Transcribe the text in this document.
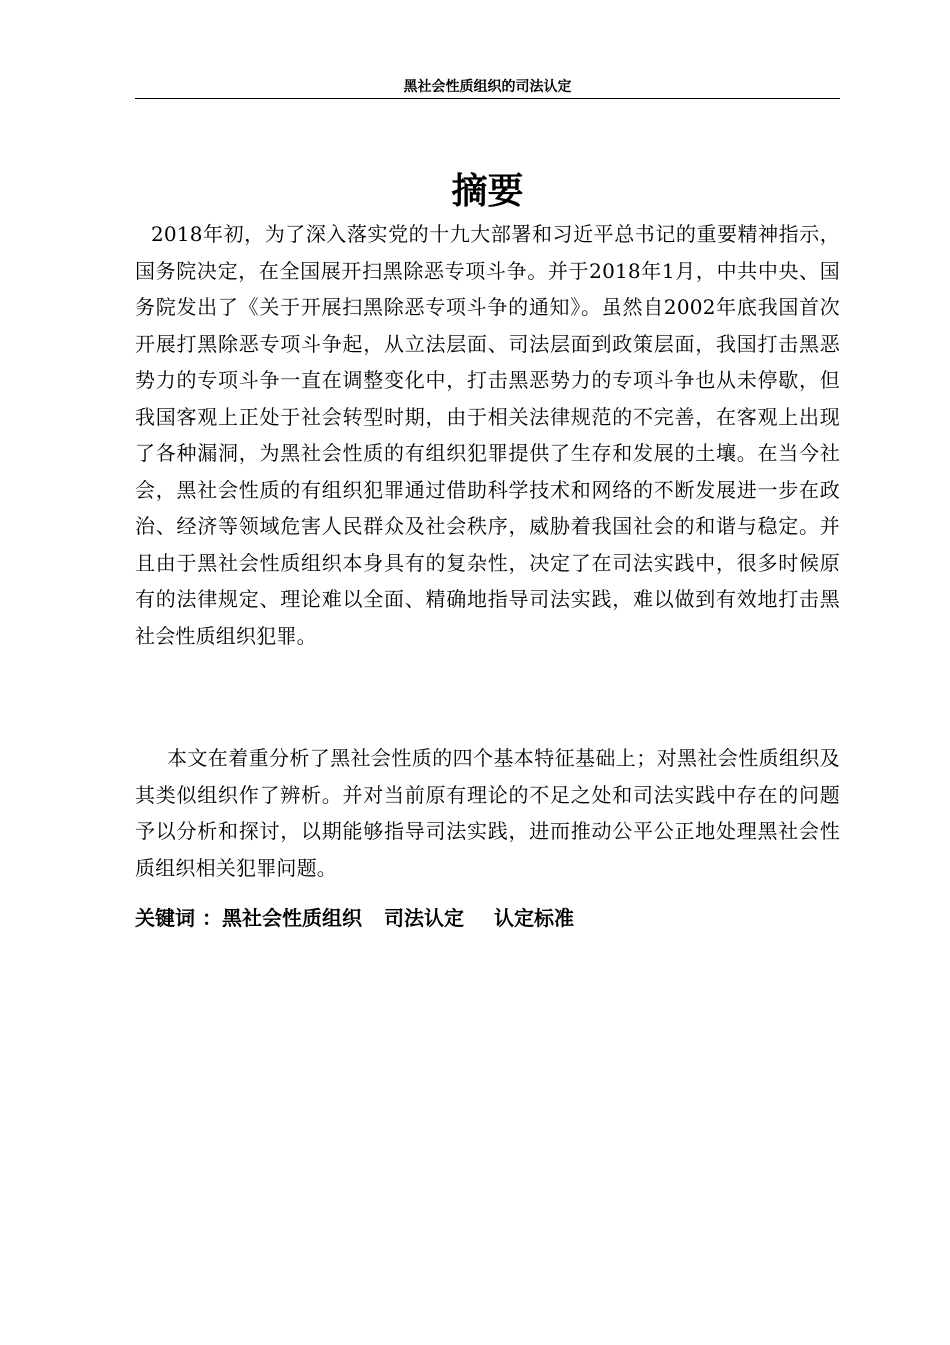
黑社会性质组织的司法认定
摘要
2018年初，为了深入落实党的十九大部署和习近平总书记的重要精神指示，国务院决定，在全国展开扫黑除恶专项斗争。并于2018年1月，中共中央、国务院发出了《关于开展扫黑除恶专项斗争的通知》。虽然自2002年底我国首次开展打黑除恶专项斗争起，从立法层面、司法层面到政策层面，我国打击黑恶势力的专项斗争一直在调整变化中，打击黑恶势力的专项斗争也从未停歇，但我国客观上正处于社会转型时期，由于相关法律规范的不完善，在客观上出现了各种漏洞，为黑社会性质的有组织犯罪提供了生存和发展的土壤。在当今社会，黑社会性质的有组织犯罪通过借助科学技术和网络的不断发展进一步在政治、经济等领域危害人民群众及社会秩序，威胁着我国社会的和谐与稳定。并且由于黑社会性质组织本身具有的复杂性，决定了在司法实践中，很多时候原有的法律规定、理论难以全面、精确地指导司法实践，难以做到有效地打击黑社会性质组织犯罪。
本文在着重分析了黑社会性质的四个基本特征基础上；对黑社会性质组织及其类似组织作了辨析。并对当前原有理论的不足之处和司法实践中存在的问题予以分析和探讨，以期能够指导司法实践，进而推动公平公正地处理黑社会性质组织相关犯罪问题。
关键词 ：黑社会性质组织 司法认定 认定标准
